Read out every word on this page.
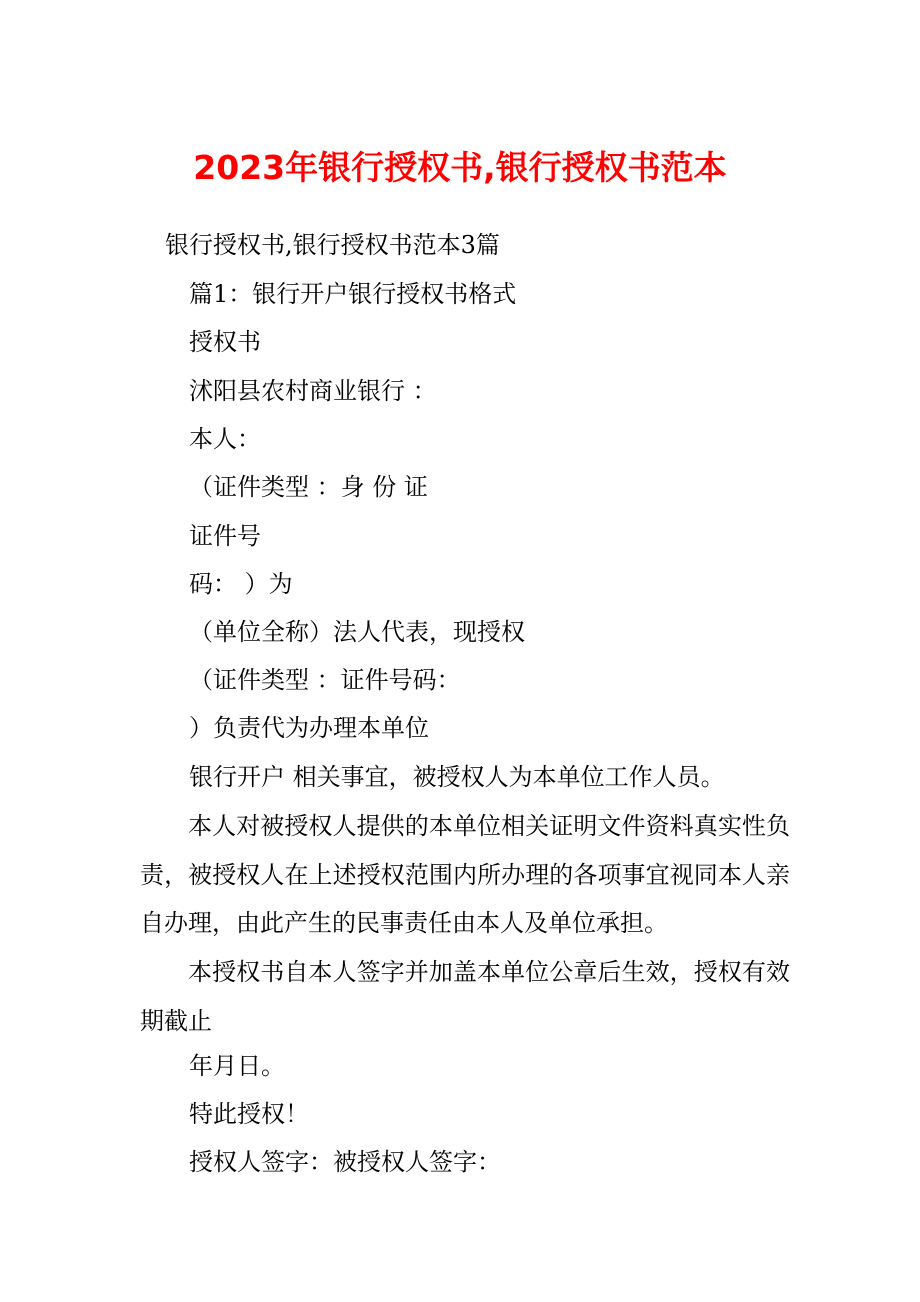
2023年银行授权书,银行授权书范本
银行授权书,银行授权书范本3篇
篇1：银行开户银行授权书格式
授权书
沭阳县农村商业银行 ：
本人：
（证件类型 ：身 份 证
证件号
码： ）为
（单位全称）法人代表，现授权
（证件类型 ：证件号码：
）负责代为办理本单位
银行开户 相关事宜，被授权人为本单位工作人员。
本人对被授权人提供的本单位相关证明文件资料真实性负责，被授权人在上述授权范围内所办理的各项事宜视同本人亲自办理，由此产生的民事责任由本人及单位承担。
本授权书自本人签字并加盖本单位公章后生效，授权有效期截止
年月日。
特此授权！
授权人签字：被授权人签字：
